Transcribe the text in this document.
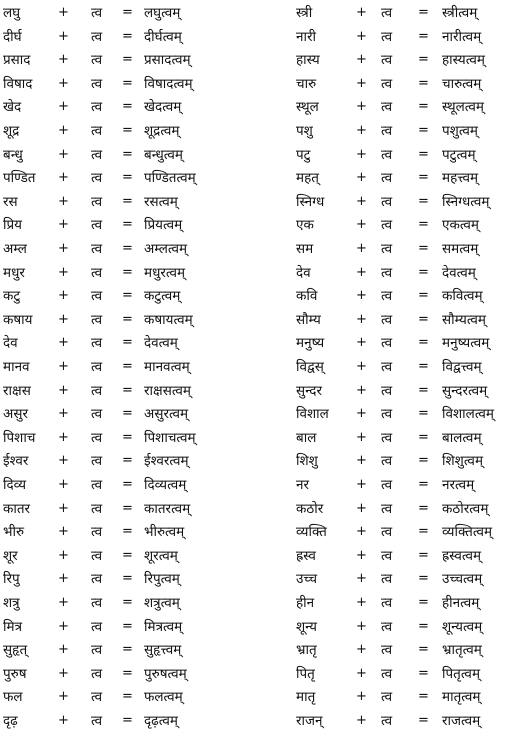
लघु	+ त्व = लघुत्वम्	स्त्री	+ त्व = स्त्रीत्वम्
दीर्घ	+ त्व = दीर्घत्वम्	नारी	+ त्व = नारीत्वम्
प्रसाद + त्व = प्रसादत्वम्	हास्य	+ त्व = हास्यत्वम्
विषाद + त्व = विषादत्वम्	चारु	+ त्व = चारुत्वम्
खेद	+ त्व = खेदत्वम्	स्थूल	+ त्व = स्थूलत्वम्
शूद्र	+ त्व = शूद्रत्वम्	पशु	+ त्व = पशुत्वम्
बन्धु	+ त्व = बन्धुत्वम्	पटु	+ त्व = पटुत्वम्
पण्डित + त्व = पण्डितत्वम्	महत्	+ त्व = महत्त्वम्
रस	+ त्व = रसत्वम्	स्निग्ध + त्व = स्निग्धत्वम्
प्रिय	+ त्व = प्रियत्वम्	एक	+ त्व = एकत्वम्
अम्ल + त्व = अम्लत्वम्	सम	+ त्व = समत्वम्
मधुर	+ त्व = मधुरत्वम्	देव	+ त्व = देवत्वम्
कटु	+ त्व = कटुत्वम्	कवि	+ त्व = कवित्वम्
कषाय + त्व = कषायत्वम्	सौम्य	+ त्व = सौम्यत्वम्
देव	+ त्व = देवत्वम्	मनुष्य + त्व = मनुष्यत्वम्
मानव + त्व = मानवत्वम्	विद्वस् + त्व = विद्वत्त्वम्
राक्षस + त्व = राक्षसत्वम्	सुन्दर	+ त्व = सुन्दरत्वम्
असुर + त्व = असुरत्वम्	विशाल + त्व = विशालत्वम्
पिशाच + त्व = पिशाचत्वम्	बाल	+ त्व = बालत्वम्
ईश्वर + त्व = ईश्वरत्वम्	शिशु	+ त्व = शिशुत्वम्
दिव्य + त्व = दिव्यत्वम्	नर	+ त्व = नरत्वम्
कातर + त्व = कातरत्वम्	कठोर	+ त्व = कठोरत्वम्
भीरु	+ त्व = भीरुत्वम्	व्यक्ति + त्व = व्यक्तित्वम्
शूर	+ त्व = शूरत्वम्	ह्रस्व	+ त्व = ह्रस्वत्वम्
रिपु	+ त्व = रिपुत्वम्	उच्च	+ त्व = उच्चत्वम्
शत्रु	+ त्व = शत्रुत्वम्	हीन	+ त्व = हीनत्वम्
मित्र	+ त्व = मित्रत्वम्	शून्य	+ त्व = शून्यत्वम्
सुहृत् + त्व = सुहृत्त्वम्	भ्रातृ	+ त्व = भ्रातृत्वम्
पुरुष + त्व = पुरुषत्वम्	पितृ	+ त्व = पितृत्वम्
फल	+ त्व = फलत्वम्	मातृ	+ त्व = मातृत्वम्
दृढ़	+ त्व = दृढ़त्वम्	राजन्	+ त्व = राजत्वम्
